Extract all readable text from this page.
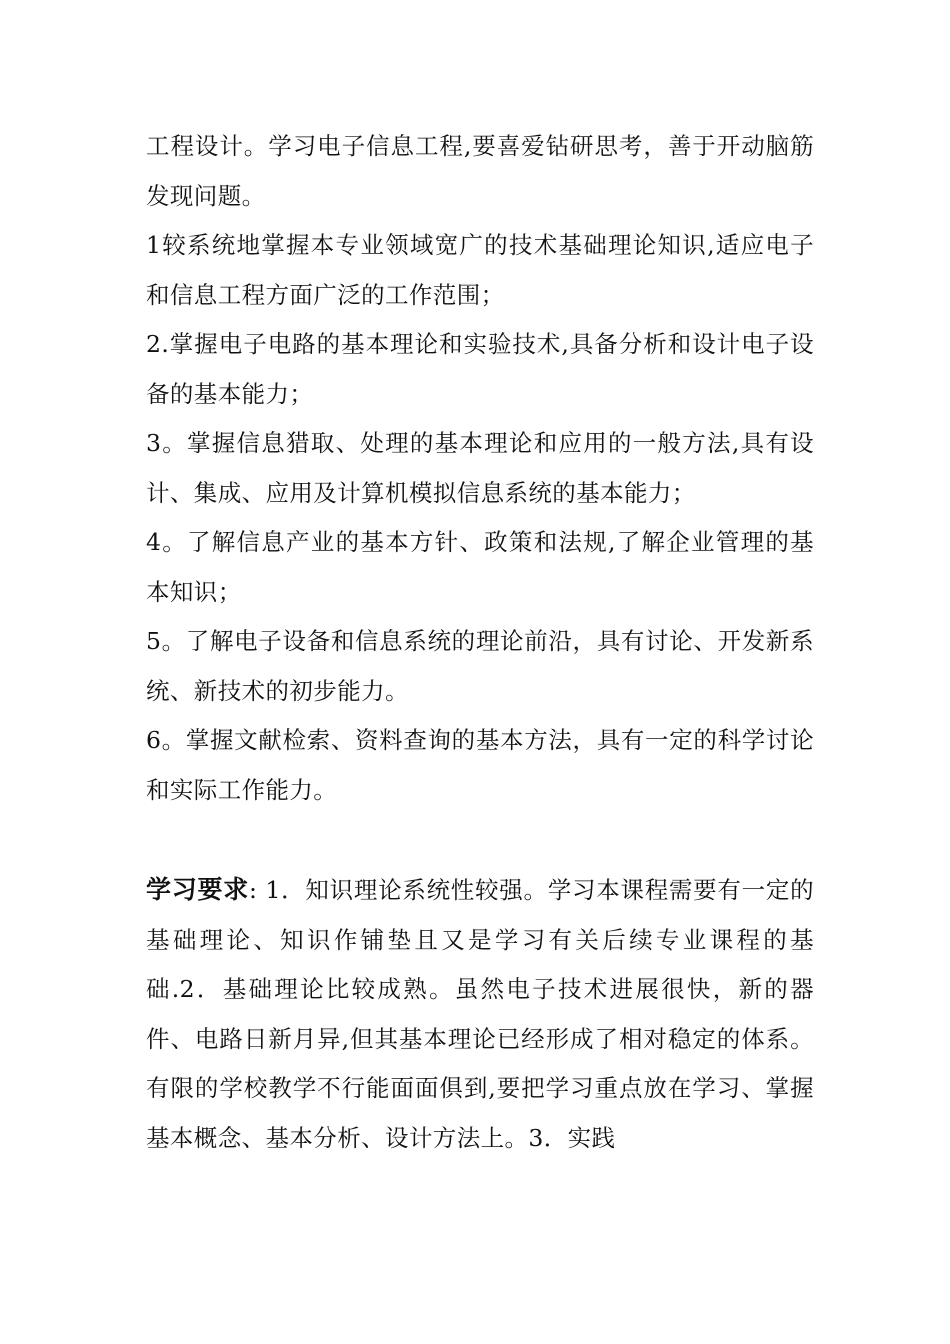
工程设计。学习电子信息工程,要喜爱钻研思考，善于开动脑筋发现问题。

1较系统地掌握本专业领域宽广的技术基础理论知识,适应电子和信息工程方面广泛的工作范围；

2.掌握电子电路的基本理论和实验技术,具备分析和设计电子设备的基本能力；

3。掌握信息猎取、处理的基本理论和应用的一般方法,具有设计、集成、应用及计算机模拟信息系统的基本能力；

4。了解信息产业的基本方针、政策和法规,了解企业管理的基本知识；

5。了解电子设备和信息系统的理论前沿，具有讨论、开发新系统、新技术的初步能力。

6。掌握文献检索、资料查询的基本方法，具有一定的科学讨论和实际工作能力。

学习要求: 1．知识理论系统性较强。学习本课程需要有一定的基础理论、知识作铺垫且又是学习有关后续专业课程的基础.2．基础理论比较成熟。虽然电子技术进展很快，新的器件、电路日新月异,但其基本理论已经形成了相对稳定的体系。有限的学校教学不行能面面俱到,要把学习重点放在学习、掌握基本概念、基本分析、设计方法上。3．实践
